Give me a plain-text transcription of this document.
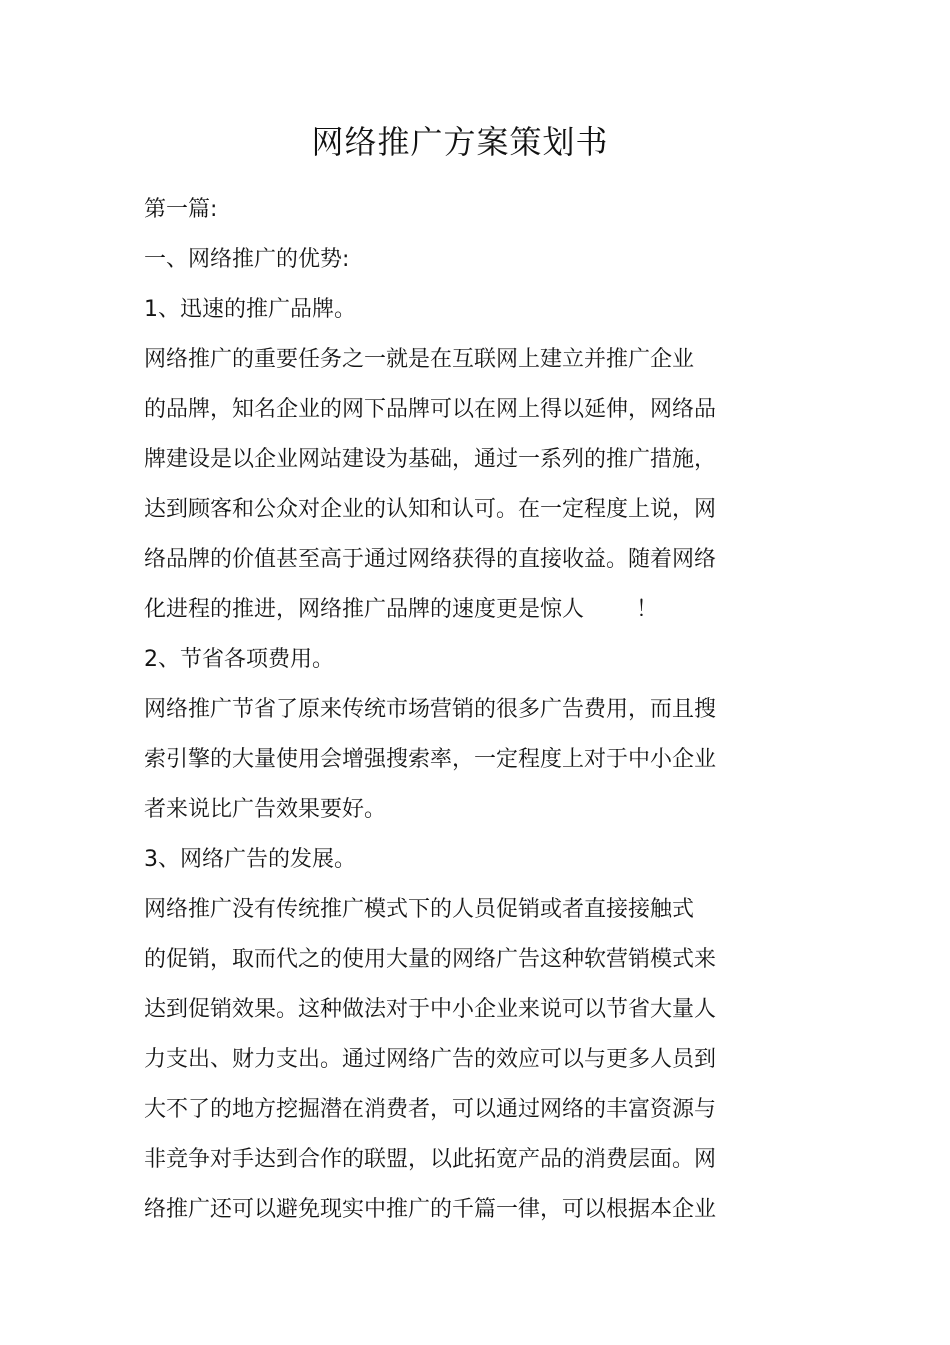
网络推广方案策划书
第一篇:
一、网络推广的优势:
1、迅速的推广品牌。
网络推广的重要任务之一就是在互联网上建立并推广企业
的品牌，知名企业的网下品牌可以在网上得以延伸，网络品
牌建设是以企业网站建设为基础，通过一系列的推广措施，
达到顾客和公众对企业的认知和认可。在一定程度上说，网
络品牌的价值甚至高于通过网络获得的直接收益。随着网络
化进程的推进，网络推广品牌的速度更是惊人 ！
2、节省各项费用。
网络推广节省了原来传统市场营销的很多广告费用，而且搜
索引擎的大量使用会增强搜索率，一定程度上对于中小企业
者来说比广告效果要好。
3、网络广告的发展。
网络推广没有传统推广模式下的人员促销或者直接接触式
的促销，取而代之的使用大量的网络广告这种软营销模式来
达到促销效果。这种做法对于中小企业来说可以节省大量人
力支出、财力支出。通过网络广告的效应可以与更多人员到
大不了的地方挖掘潜在消费者，可以通过网络的丰富资源与
非竞争对手达到合作的联盟，以此拓宽产品的消费层面。网
络推广还可以避免现实中推广的千篇一律，可以根据本企业
